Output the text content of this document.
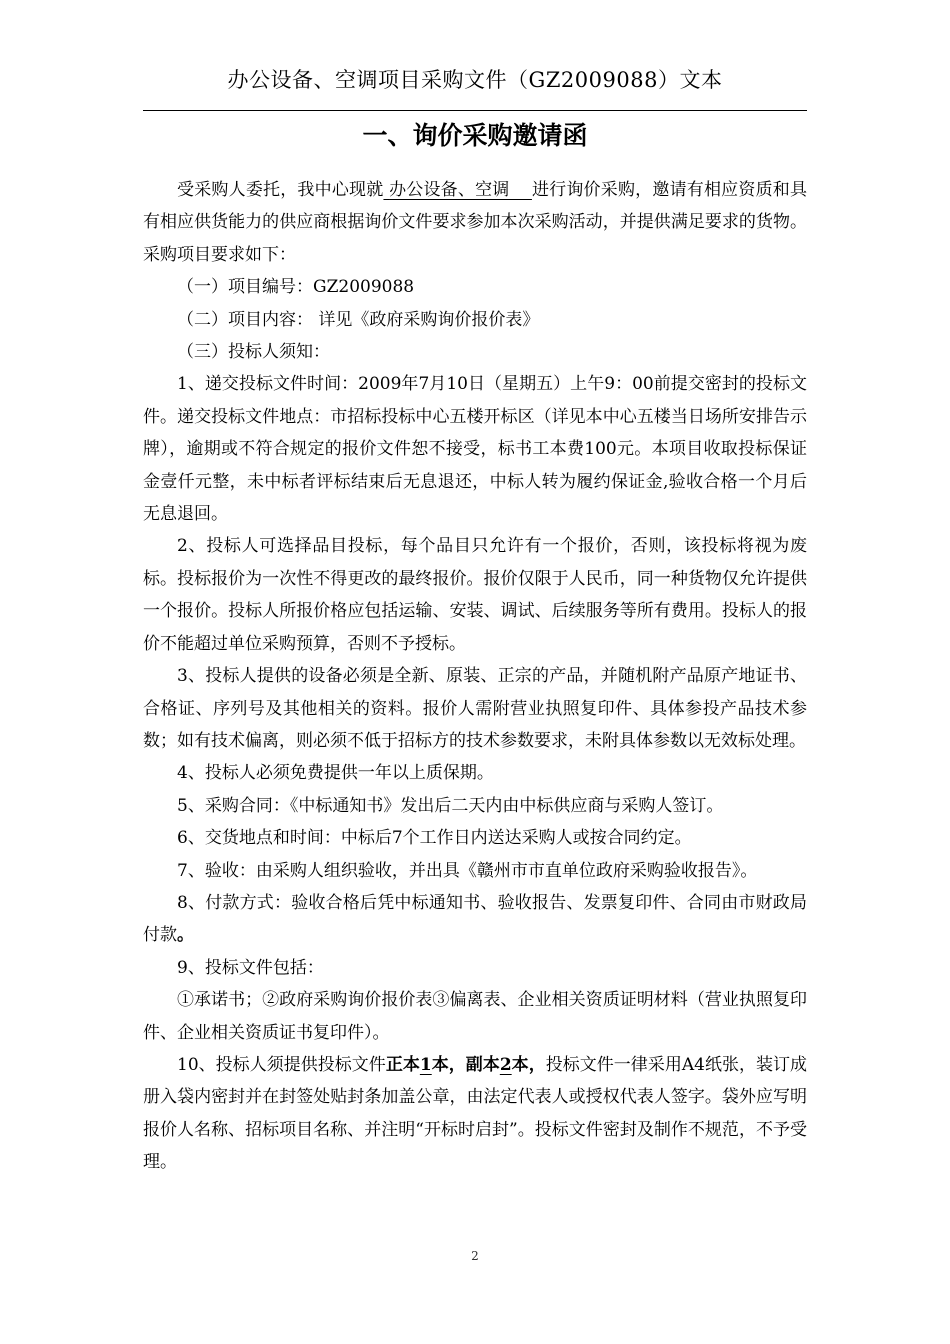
办公设备、空调项目采购文件（GZ2009088）文本
一、询价采购邀请函

受采购人委托，我中心现就 办公设备、空调 进行询价采购，邀请有相应资质和具有相应供货能力的供应商根据询价文件要求参加本次采购活动，并提供满足要求的货物。采购项目要求如下：

（一）项目编号：GZ2009088

（二）项目内容： 详见《政府采购询价报价表》

（三）投标人须知：

1、递交投标文件时间：2009年7月10日（星期五）上午9：00前提交密封的投标文件。递交投标文件地点：市招标投标中心五楼开标区（详见本中心五楼当日场所安排告示牌），逾期或不符合规定的报价文件恕不接受，标书工本费100元。本项目收取投标保证金壹仟元整，未中标者评标结束后无息退还，中标人转为履约保证金,验收合格一个月后无息退回。

2、投标人可选择品目投标，每个品目只允许有一个报价，否则，该投标将视为废标。投标报价为一次性不得更改的最终报价。报价仅限于人民币，同一种货物仅允许提供一个报价。投标人所报价格应包括运输、安装、调试、后续服务等所有费用。投标人的报价不能超过单位采购预算，否则不予授标。

3、投标人提供的设备必须是全新、原装、正宗的产品，并随机附产品原产地证书、合格证、序列号及其他相关的资料。报价人需附营业执照复印件、具体参投产品技术参数；如有技术偏离，则必须不低于招标方的技术参数要求，未附具体参数以无效标处理。

4、投标人必须免费提供一年以上质保期。

5、采购合同：《中标通知书》发出后二天内由中标供应商与采购人签订。

6、交货地点和时间：中标后7个工作日内送达采购人或按合同约定。

7、验收：由采购人组织验收，并出具《赣州市市直单位政府采购验收报告》。

8、付款方式：验收合格后凭中标通知书、验收报告、发票复印件、合同由市财政局付款。

9、投标文件包括：

①承诺书；②政府采购询价报价表③偏离表、企业相关资质证明材料（营业执照复印件、企业相关资质证书复印件）。

10、投标人须提供投标文件正本1本，副本2本，投标文件一律采用A4纸张，装订成册入袋内密封并在封签处贴封条加盖公章，由法定代表人或授权代表人签字。袋外应写明报价人名称、招标项目名称、并注明“开标时启封”。投标文件密封及制作不规范，不予受理。

2
